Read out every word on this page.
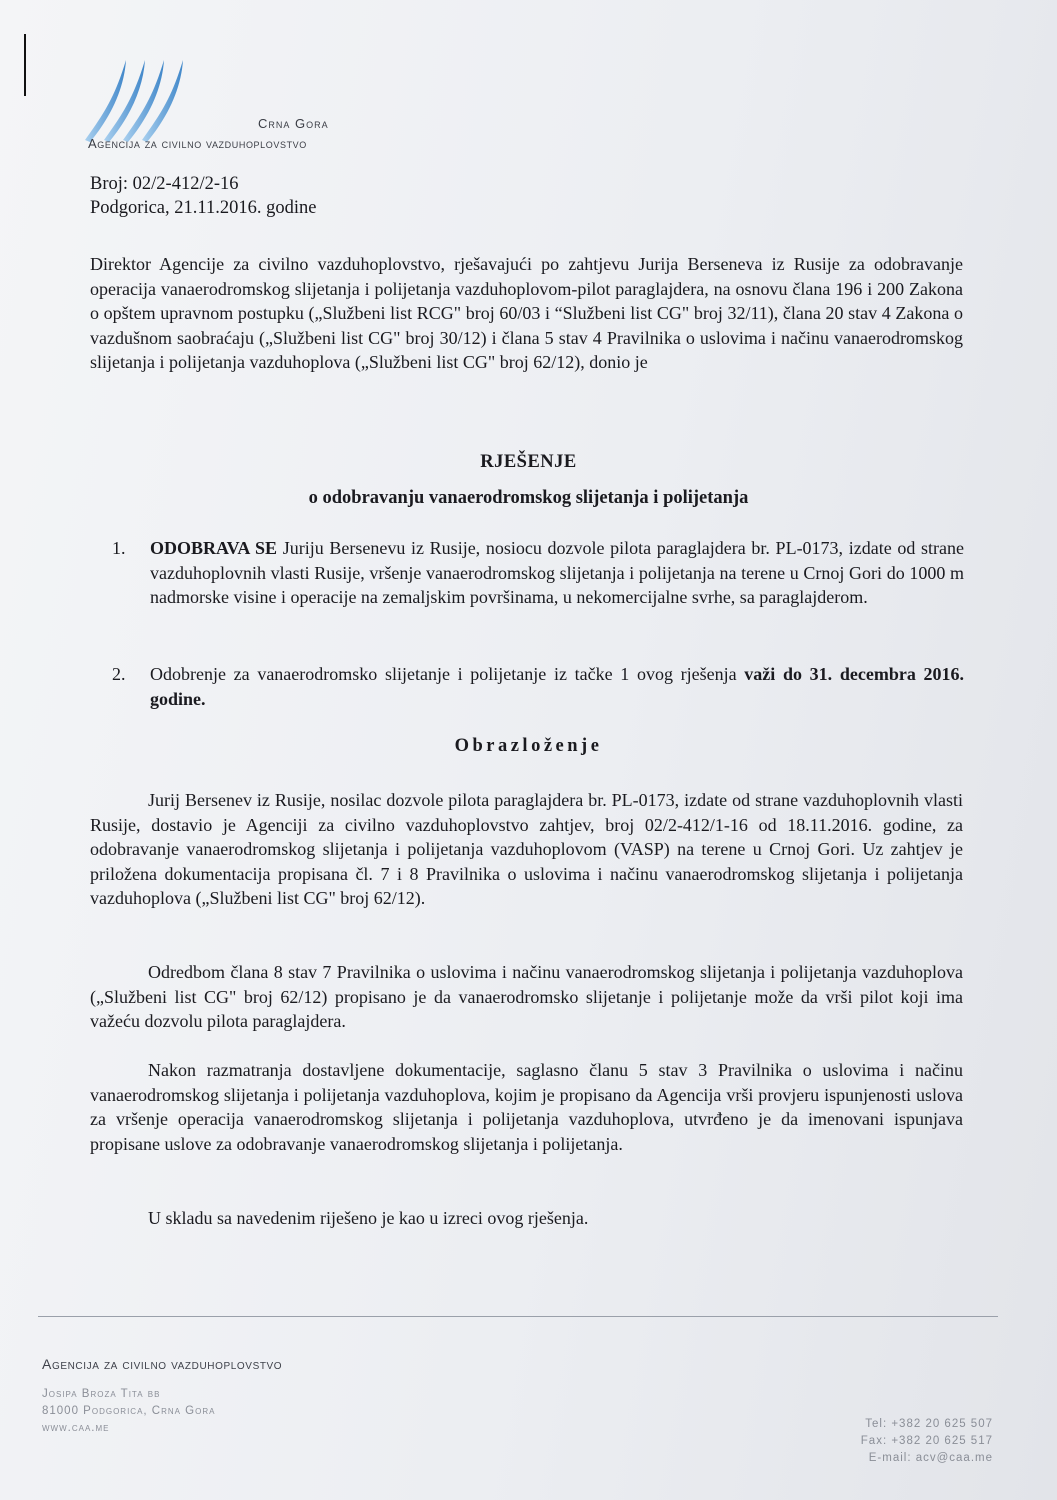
Crna Gora
Agencija za civilno vazduhoplovstvo
Broj: 02/2-412/2-16
Podgorica, 21.11.2016. godine
Direktor Agencije za civilno vazduhoplovstvo, rješavajući po zahtjevu Jurija Berseneva iz Rusije za odobravanje operacija vanaerodromskog slijetanja i polijetanja vazduhoplovom-pilot paraglajdera, na osnovu člana 196 i 200 Zakona o opštem upravnom postupku („Službeni list RCG" broj 60/03 i “Službeni list CG" broj 32/11), člana 20 stav 4 Zakona o vazdušnom saobraćaju („Službeni list CG" broj 30/12) i člana 5 stav 4 Pravilnika o uslovima i načinu vanaerodromskog slijetanja i polijetanja vazduhoplova („Službeni list CG" broj 62/12), donio je
RJEŠENJE
o odobravanju vanaerodromskog slijetanja i polijetanja
1. ODOBRAVA SE Juriju Bersenevu iz Rusije, nosiocu dozvole pilota paraglajdera br. PL-0173, izdate od strane vazduhoplovnih vlasti Rusije, vršenje vanaerodromskog slijetanja i polijetanja na terene u Crnoj Gori do 1000 m nadmorske visine i operacije na zemaljskim površinama, u nekomercijalne svrhe, sa paraglajderom.
2. Odobrenje za vanaerodromsko slijetanje i polijetanje iz tačke 1 ovog rješenja važi do 31. decembra 2016. godine.
Obrazloženje
Jurij Bersenev iz Rusije, nosilac dozvole pilota paraglajdera br. PL-0173, izdate od strane vazduhoplovnih vlasti Rusije, dostavio je Agenciji za civilno vazduhoplovstvo zahtjev, broj 02/2-412/1-16 od 18.11.2016. godine, za odobravanje vanaerodromskog slijetanja i polijetanja vazduhoplovom (VASP) na terene u Crnoj Gori. Uz zahtjev je priložena dokumentacija propisana čl. 7 i 8 Pravilnika o uslovima i načinu vanaerodromskog slijetanja i polijetanja vazduhoplova („Službeni list CG" broj 62/12).
Odredbom člana 8 stav 7 Pravilnika o uslovima i načinu vanaerodromskog slijetanja i polijetanja vazduhoplova („Službeni list CG" broj 62/12) propisano je da vanaerodromsko slijetanje i polijetanje može da vrši pilot koji ima važeću dozvolu pilota paraglajdera.
Nakon razmatranja dostavljene dokumentacije, saglasno članu 5 stav 3 Pravilnika o uslovima i načinu vanaerodromskog slijetanja i polijetanja vazduhoplova, kojim je propisano da Agencija vrši provjeru ispunjenosti uslova za vršenje operacija vanaerodromskog slijetanja i polijetanja vazduhoplova, utvrđeno je da imenovani ispunjava propisane uslove za odobravanje vanaerodromskog slijetanja i polijetanja.
U skladu sa navedenim riješeno je kao u izreci ovog rješenja.
Agencija za civilno vazduhoplovstvo
Josipa Broza Tita bb
81000 Podgorica, Crna Gora
www.caa.me	Tel: +382 20 625 507
Fax: +382 20 625 517
E-mail: acv@caa.me
